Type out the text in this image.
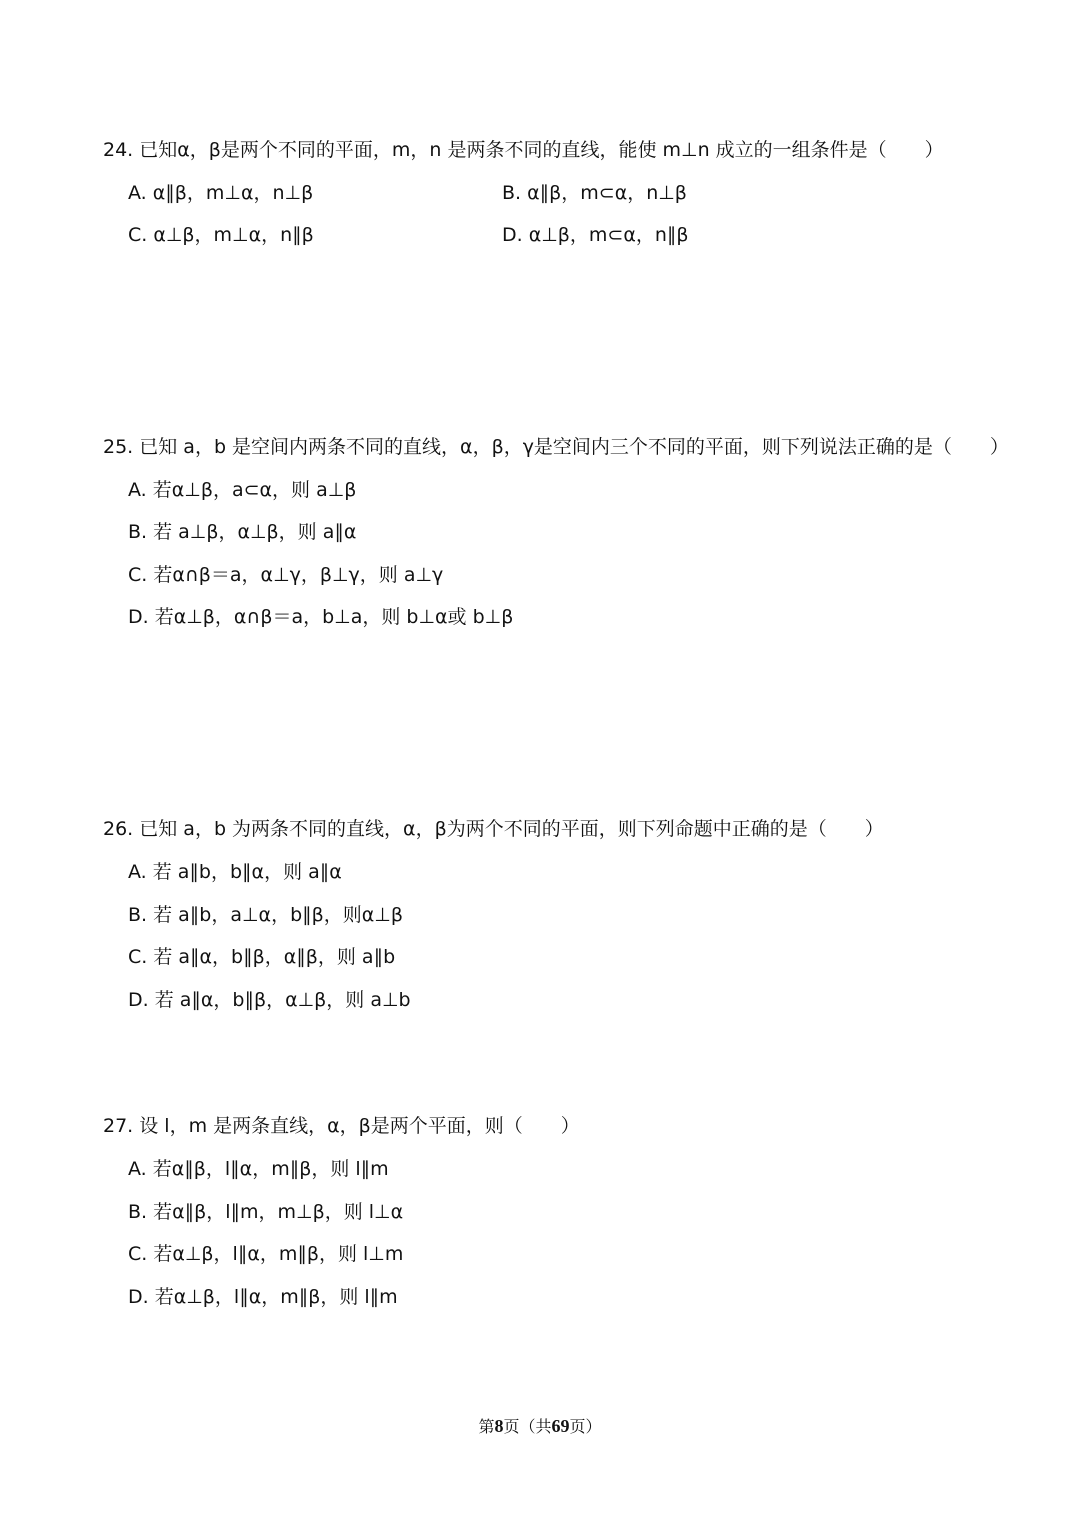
24. 已知α，β是两个不同的平面，m，n 是两条不同的直线，能使 m⊥n 成立的一组条件是（　　）
A. α∥β，m⊥α，n⊥β	B. α∥β，m⊂α，n⊥β
C. α⊥β，m⊥α，n∥β	D. α⊥β，m⊂α，n∥β
25. 已知 a，b 是空间内两条不同的直线，α，β，γ是空间内三个不同的平面，则下列说法正确的是（　　）
A. 若α⊥β，a⊂α，则 a⊥β
B. 若 a⊥β，α⊥β，则 a∥α
C. 若α∩β＝a，α⊥γ，β⊥γ，则 a⊥γ
D. 若α⊥β，α∩β＝a，b⊥a，则 b⊥α或 b⊥β
26. 已知 a，b 为两条不同的直线，α，β为两个不同的平面，则下列命题中正确的是（　　）
A. 若 a∥b，b∥α，则 a∥α
B. 若 a∥b，a⊥α，b∥β，则α⊥β
C. 若 a∥α，b∥β，α∥β，则 a∥b
D. 若 a∥α，b∥β，α⊥β，则 a⊥b
27. 设 l，m 是两条直线，α，β是两个平面，则（　　）
A. 若α∥β，l∥α，m∥β，则 l∥m
B. 若α∥β，l∥m，m⊥β，则 l⊥α
C. 若α⊥β，l∥α，m∥β，则 l⊥m
D. 若α⊥β，l∥α，m∥β，则 l∥m
第8页（共69页）
